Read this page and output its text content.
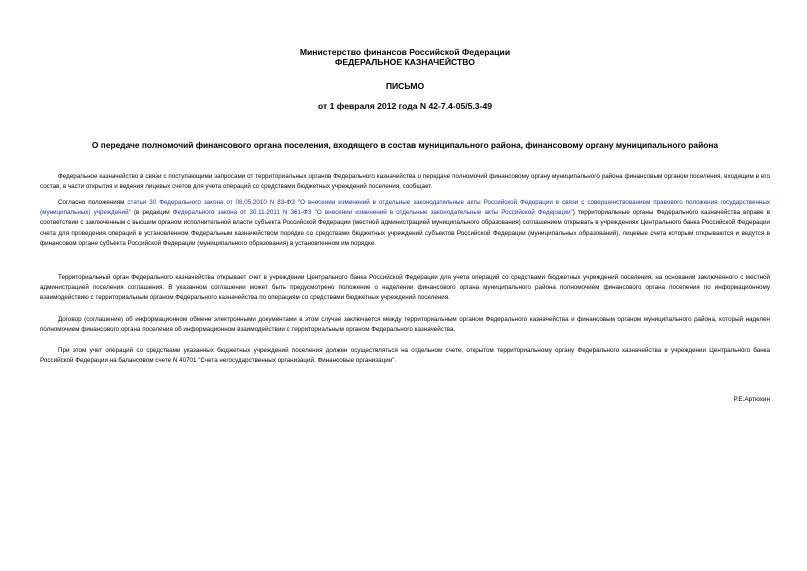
Министерство финансов Российской Федерации
ФЕДЕРАЛЬНОЕ КАЗНАЧЕЙСТВО
ПИСЬМО
от 1 февраля 2012 года N 42-7.4-05/5.3-49
О передаче полномочий финансового органа поселения, входящего в состав муниципального района, финансовому органу муниципального района

Федеральное казначейство в связи с поступающими запросами от территориальных органов Федерального казначейства о передаче полномочий финансовому органу муниципального района финансовым органом поселения, входящим в его состав, в части открытия и ведения лицевых счетов для учета операций со средствами бюджетных учреждений поселения, сообщает.

Согласно положениям статьи 30 Федерального закона от 08.05.2010 N 83-ФЗ "О внесении изменений в отдельные законодательные акты Российской Федерации в связи с совершенствованием правового положения государственных (муниципальных) учреждений" (в редакции Федерального закона от 30.11.2011 N 361-ФЗ "О внесении изменений в отдельные законодательные акты Российской Федерации") территориальные органы Федерального казначейства вправе в соответствии с заключенным с высшим органом исполнительной власти субъекта Российской Федерации (местной администрацией муниципального образования) соглашением открывать в учреждениях Центрального банка Российской Федерации счета для проведения операций в установленном Федеральным казначейством порядке со средствами бюджетных учреждений субъектов Российской Федерации (муниципальных образований), лицевые счета которым открываются и ведутся в финансовом органе субъекта Российской Федерации (муниципального образования) в установленном им порядке.

Территориальный орган Федерального казначейства открывает счет в учреждении Центрального банка Российской Федерации для учета операций со средствами бюджетных учреждений поселения, на основании заключенного с местной администрацией поселения соглашения. В указанном соглашении может быть предусмотрено положение о наделении финансового органа муниципального района полномочием финансового органа поселения по информационному взаимодействию с территориальным органом Федерального казначейства по операциям со средствами бюджетных учреждений поселения.

Договор (соглашение) об информационном обмене электронными документами в этом случае заключается между территориальным органом Федерального казначейства и финансовым органом муниципального района, который наделен полномочием финансового органа поселения об информационном взаимодействии с территориальным органом Федерального казначейства.

При этом учет операций со средствами указанных бюджетных учреждений поселения должен осуществляться на отдельном счете, открытом территориальному органу Федерального казначейства в учреждении Центрального банка Российской Федерации на балансовом счете N 40701 "Счета негосударственных организаций. Финансовые организации".

Р.Е.Артюхин
